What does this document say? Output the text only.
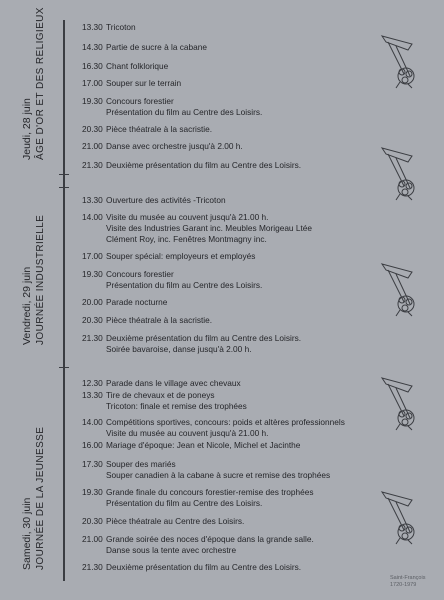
Jeudi, 28 juin ÂGE D'OR ET DES RELIGIEUX
Vendredi, 29 juin JOURNÉE INDUSTRIELLE
Samedi, 30 juin JOURNÉE DE LA JEUNESSE
13.30 Tricoton
14.30 Partie de sucre à la cabane
16.30 Chant folklorique
17.00 Souper sur le terrain
19.30 Concours forestier
Présentation du film au Centre des Loisirs.
20.30 Pièce théatrale à la sacristie.
21.00 Danse avec orchestre jusqu'à 2.00 h.
21.30 Deuxième présentation du film au Centre des Loisirs.
13.30 Ouverture des activités -Tricoton
14.00 Visite du musée au couvent jusqu'à 21.00 h.
Visite des Industries Garant inc. Meubles Morigeau Ltée
Clément Roy, inc. Fenêtres Montmagny inc.
17.00 Souper spécial: employeurs et employés
19.30 Concours forestier
Présentation du film au Centre des Loisirs.
20.00 Parade nocturne
20.30 Pièce théatrale à la sacristie.
21.30 Deuxième présentation du film au Centre des Loisirs.
Soirée bavaroise, danse jusqu'à 2.00 h.
12.30 Parade dans le village avec chevaux
13.30 Tire de chevaux et de poneys
Tricoton: finale et remise des trophées
14.00 Compétitions sportives, concours: poids et altères professionnels
Visite du musée au couvent jusqu'à 21.00 h.
16.00 Mariage d'époque: Jean et Nicole, Michel et Jacinthe
17.30 Souper des mariés
Souper canadien à la cabane à sucre et remise des trophées
19.30 Grande finale du concours forestier-remise des trophées
Présentation du film au Centre des Loisirs.
20.30 Pièce théatrale au Centre des Loisirs.
21.00 Grande soirée des noces d'époque dans la grande salle.
Danse sous la tente avec orchestre
21.30 Deuxième présentation du film au Centre des Loisirs.
Saint-François
1720-1979
